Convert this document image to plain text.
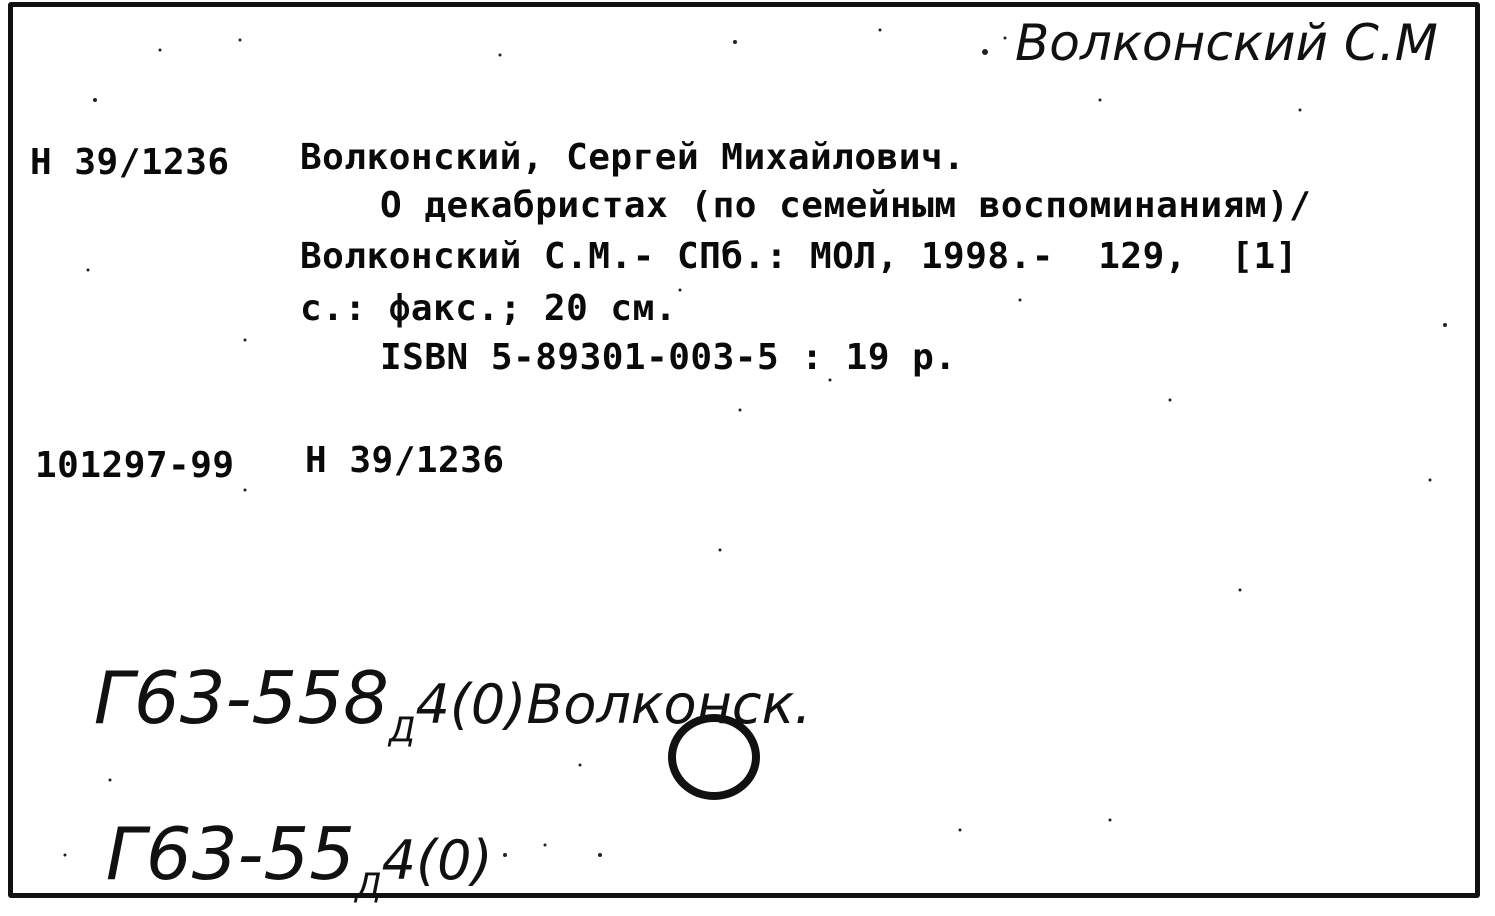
Волконский С.М
Н 39/1236 Волконский, Сергей Михайлович.
О декабристах (по семейным воспоминаниям)/
Волконский С.М.- СПб.: МОЛ, 1998.-  129,  [1]
с.: факс.; 20 см.
ISBN 5-89301-003-5 : 19 р.
101297-99 Н 39/1236

$Г63-558_Д4(0)Волконск$.

$Г63-55_Д4(0)$
